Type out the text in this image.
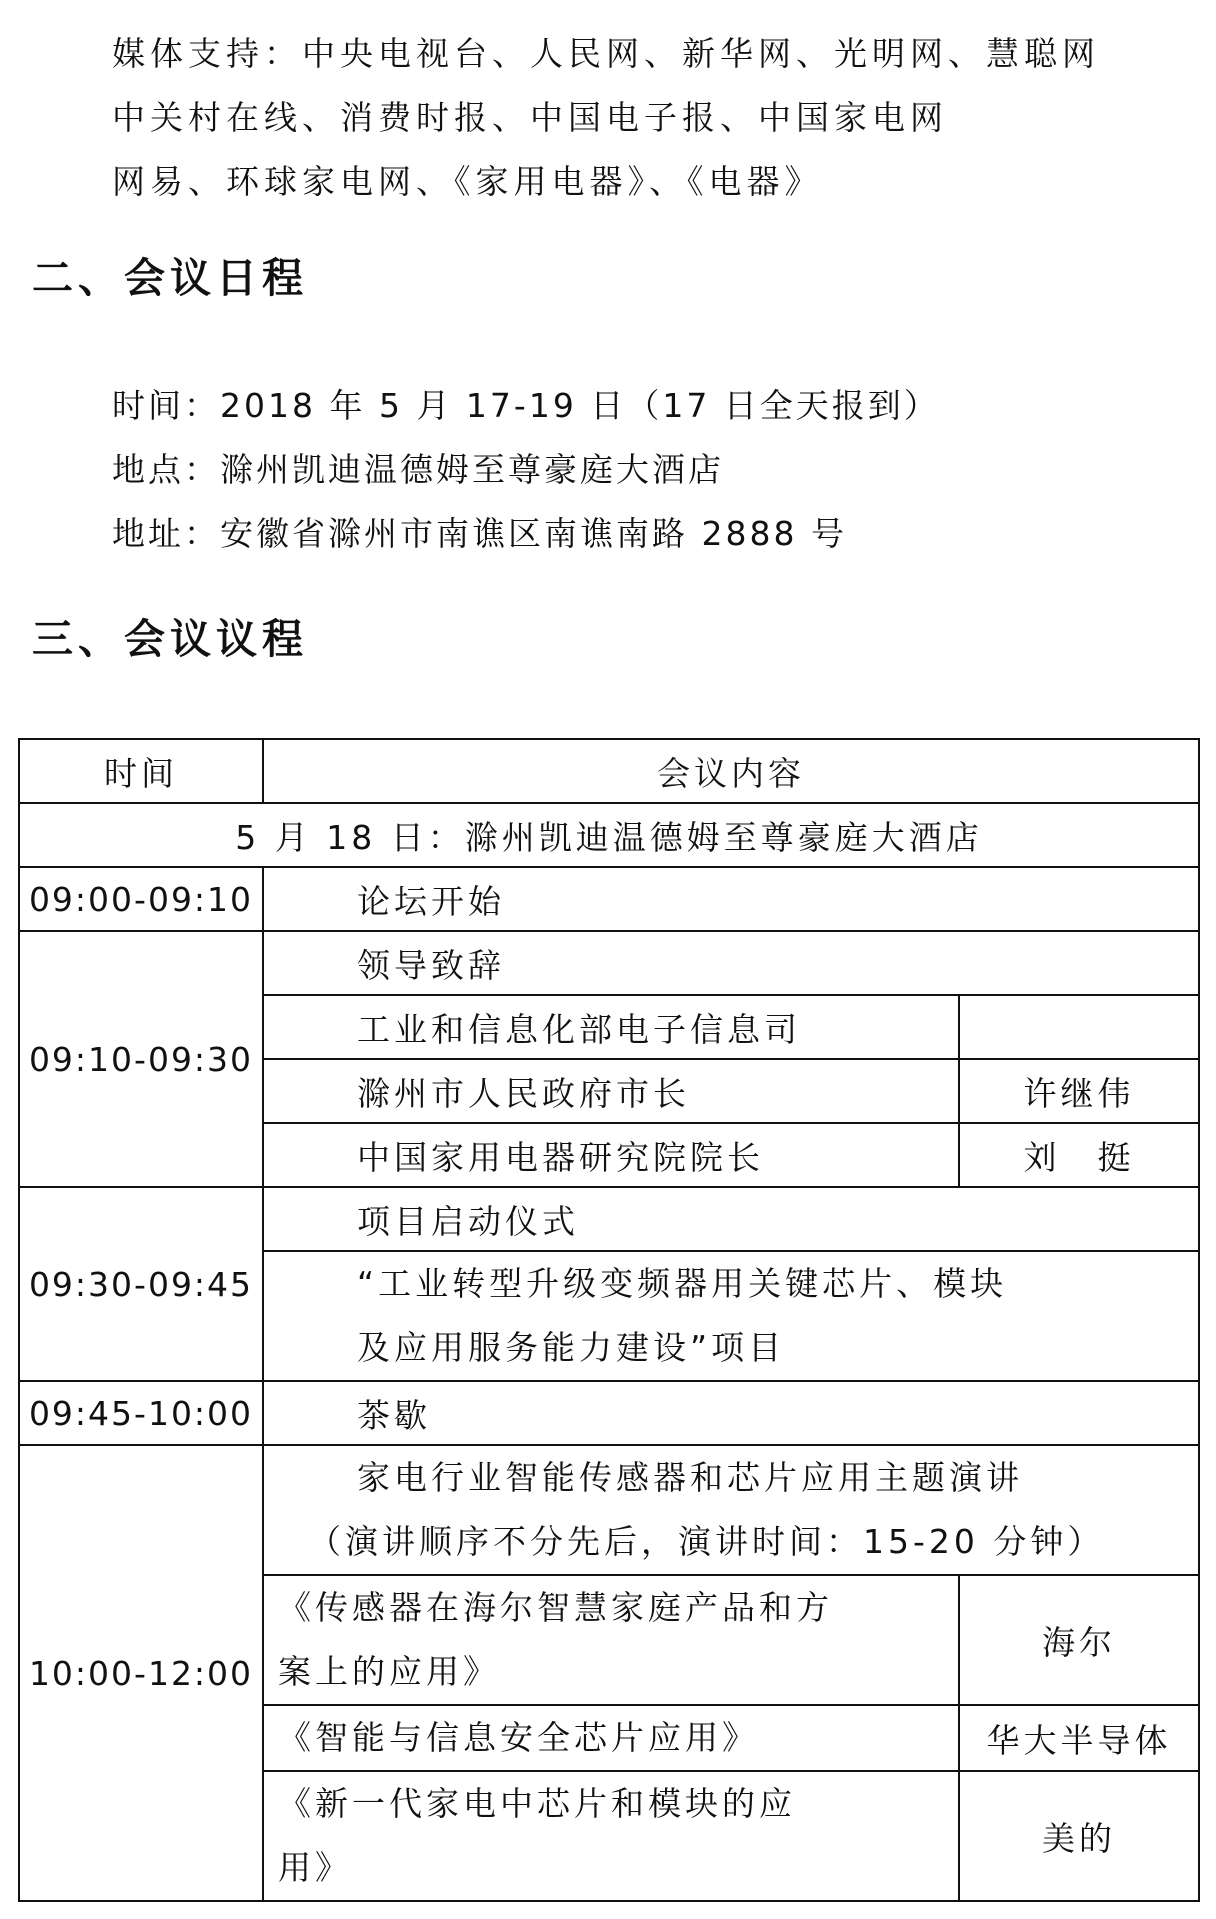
媒体支持：中央电视台、人民网、新华网、光明网、慧聪网
中关村在线、消费时报、中国电子报、中国家电网
网易、环球家电网、《家用电器》、《电器》
二、会议日程
时间：2018 年 5 月 17-19 日（17 日全天报到）
地点：滁州凯迪温德姆至尊豪庭大酒店
地址：安徽省滁州市南谯区南谯南路 2888 号
三、会议议程
时间	会议内容	
5 月 18 日：滁州凯迪温德姆至尊豪庭大酒店		
09:00-09:10	论坛开始	
09:10-09:30	领导致辞	
	工业和信息化部电子信息司	
	滁州市人民政府市长	许继伟
	中国家用电器研究院院长	刘　挺
09:30-09:45	项目启动仪式	

	“工业转型升级变频器用关键芯片、模块
及应用服务能力建设”项目	

09:45-10:00	茶歇	
10:00-12:00	家电行业智能传感器和芯片应用主题演讲
（演讲顺序不分先后，演讲时间：15-20 分钟）	

	《传感器在海尔智慧家庭产品和方
案上的应用》	海尔
	《智能与信息安全芯片应用》	华大半导体

	《新一代家电中芯片和模块的应
用》	美的
